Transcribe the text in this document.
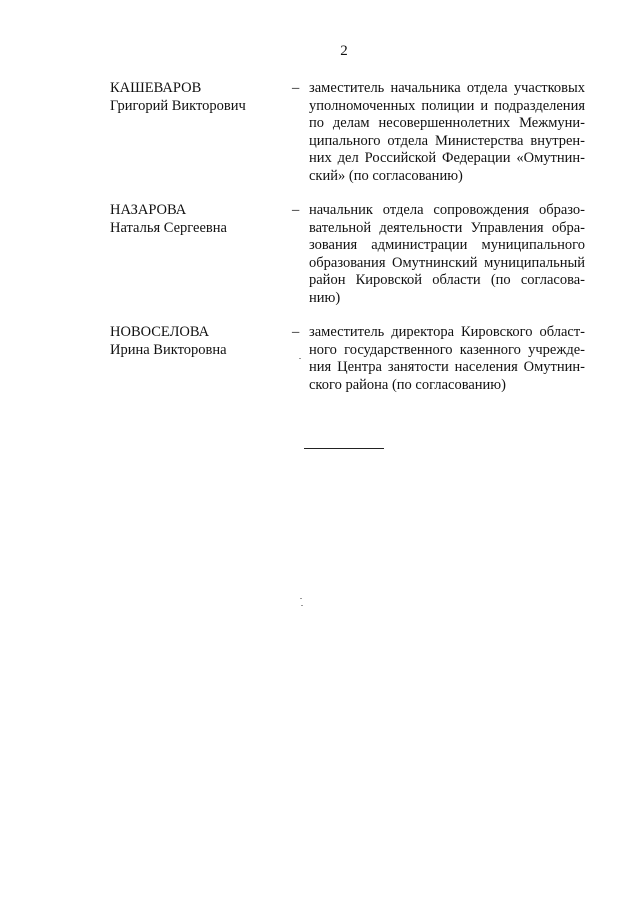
2
КАШЕВАРОВ
Григорий Викторович
– заместитель начальника отдела участковых
уполномоченных полиции и подразделения
по делам несовершеннолетних Межмуни-
ципального отдела Министерства внутрен-
них дел Российской Федерации «Омутнин-
ский» (по согласованию)
НАЗАРОВА
Наталья Сергеевна
– начальник отдела сопровождения образо-
вательной деятельности Управления обра-
зования администрации муниципального
образования Омутнинский муниципальный
район Кировской области (по согласова-
нию)
НОВОСЕЛОВА
Ирина Викторовна
– заместитель директора Кировского област-
ного государственного казенного учрежде-
ния Центра занятости населения Омутнин-
ского района (по согласованию)
